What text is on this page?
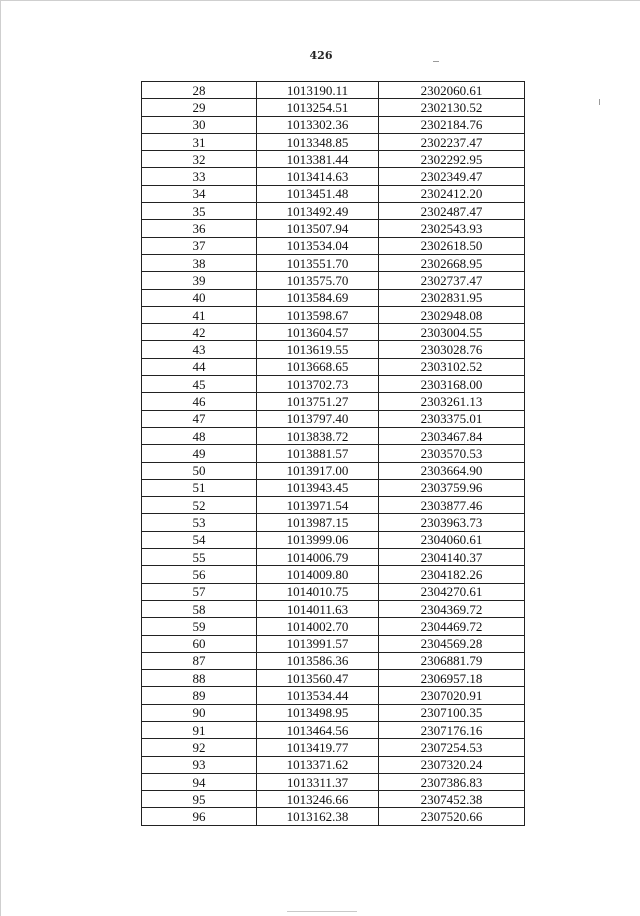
426
28	1013190.11	2302060.61
29	1013254.51	2302130.52
30	1013302.36	2302184.76
31	1013348.85	2302237.47
32	1013381.44	2302292.95
33	1013414.63	2302349.47
34	1013451.48	2302412.20
35	1013492.49	2302487.47
36	1013507.94	2302543.93
37	1013534.04	2302618.50
38	1013551.70	2302668.95
39	1013575.70	2302737.47
40	1013584.69	2302831.95
41	1013598.67	2302948.08
42	1013604.57	2303004.55
43	1013619.55	2303028.76
44	1013668.65	2303102.52
45	1013702.73	2303168.00
46	1013751.27	2303261.13
47	1013797.40	2303375.01
48	1013838.72	2303467.84
49	1013881.57	2303570.53
50	1013917.00	2303664.90
51	1013943.45	2303759.96
52	1013971.54	2303877.46
53	1013987.15	2303963.73
54	1013999.06	2304060.61
55	1014006.79	2304140.37
56	1014009.80	2304182.26
57	1014010.75	2304270.61
58	1014011.63	2304369.72
59	1014002.70	2304469.72
60	1013991.57	2304569.28
87	1013586.36	2306881.79
88	1013560.47	2306957.18
89	1013534.44	2307020.91
90	1013498.95	2307100.35
91	1013464.56	2307176.16
92	1013419.77	2307254.53
93	1013371.62	2307320.24
94	1013311.37	2307386.83
95	1013246.66	2307452.38
96	1013162.38	2307520.66
